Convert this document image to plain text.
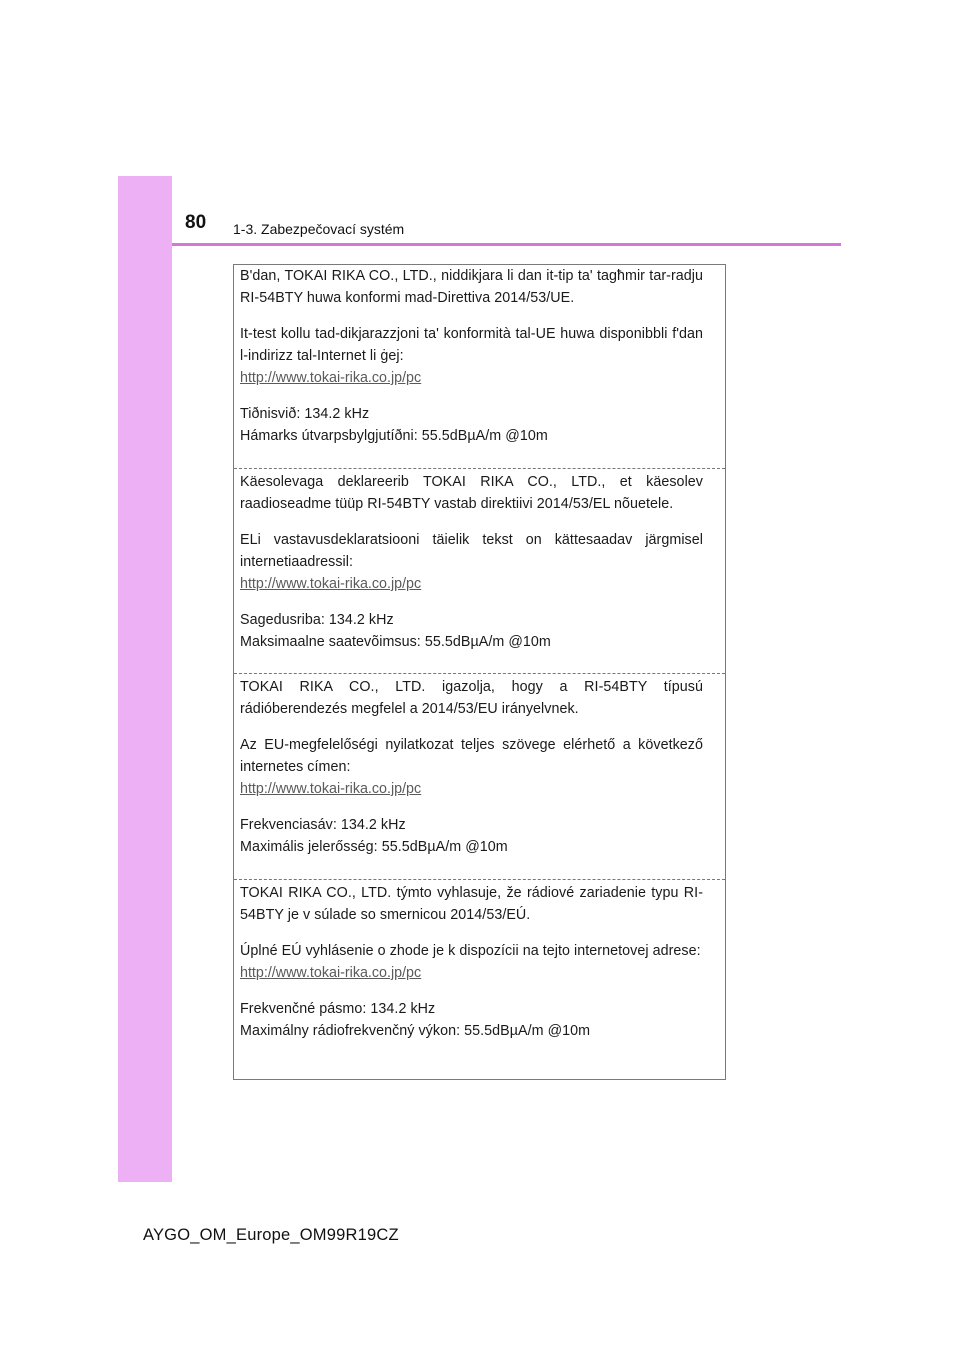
80 1-3. Zabezpečovací systém

B'dan, TOKAI RIKA CO., LTD., niddikjara li dan it-tip ta' tagħmir tar-radju RI-54BTY huwa konformi mad-Direttiva 2014/53/UE.

It-test kollu tad-dikjarazzjoni ta' konformità tal-UE huwa disponibbli f'dan l-indirizz tal-Internet li ġej:

http://www.tokai-rika.co.jp/pc

Tiðnisvið: 134.2 kHz

Hámarks útvarpsbylgjutíðni: 55.5dBµA/m @10m

Käesolevaga deklareerib TOKAI RIKA CO., LTD., et käesolev raadioseadme tüüp RI-54BTY vastab direktiivi 2014/53/EL nõuetele.

ELi vastavusdeklaratsiooni täielik tekst on kättesaadav järgmisel internetiaadressil:

http://www.tokai-rika.co.jp/pc

Sagedusriba: 134.2 kHz

Maksimaalne saatevõimsus: 55.5dBµA/m @10m

TOKAI RIKA CO., LTD. igazolja, hogy a RI-54BTY típusú rádióberendezés megfelel a 2014/53/EU irányelvnek.

Az EU-megfelelőségi nyilatkozat teljes szövege elérhető a következő internetes címen:

http://www.tokai-rika.co.jp/pc

Frekvenciasáv: 134.2 kHz

Maximális jelerősség: 55.5dBµA/m @10m

TOKAI RIKA CO., LTD. týmto vyhlasuje, že rádiové zariadenie typu RI-54BTY je v súlade so smernicou 2014/53/EÚ.

Úplné EÚ vyhlásenie o zhode je k dispozícii na tejto internetovej adrese:

http://www.tokai-rika.co.jp/pc

Frekvenčné pásmo: 134.2 kHz

Maximálny rádiofrekvenčný výkon: 55.5dBµA/m @10m

AYGO_OM_Europe_OM99R19CZ
